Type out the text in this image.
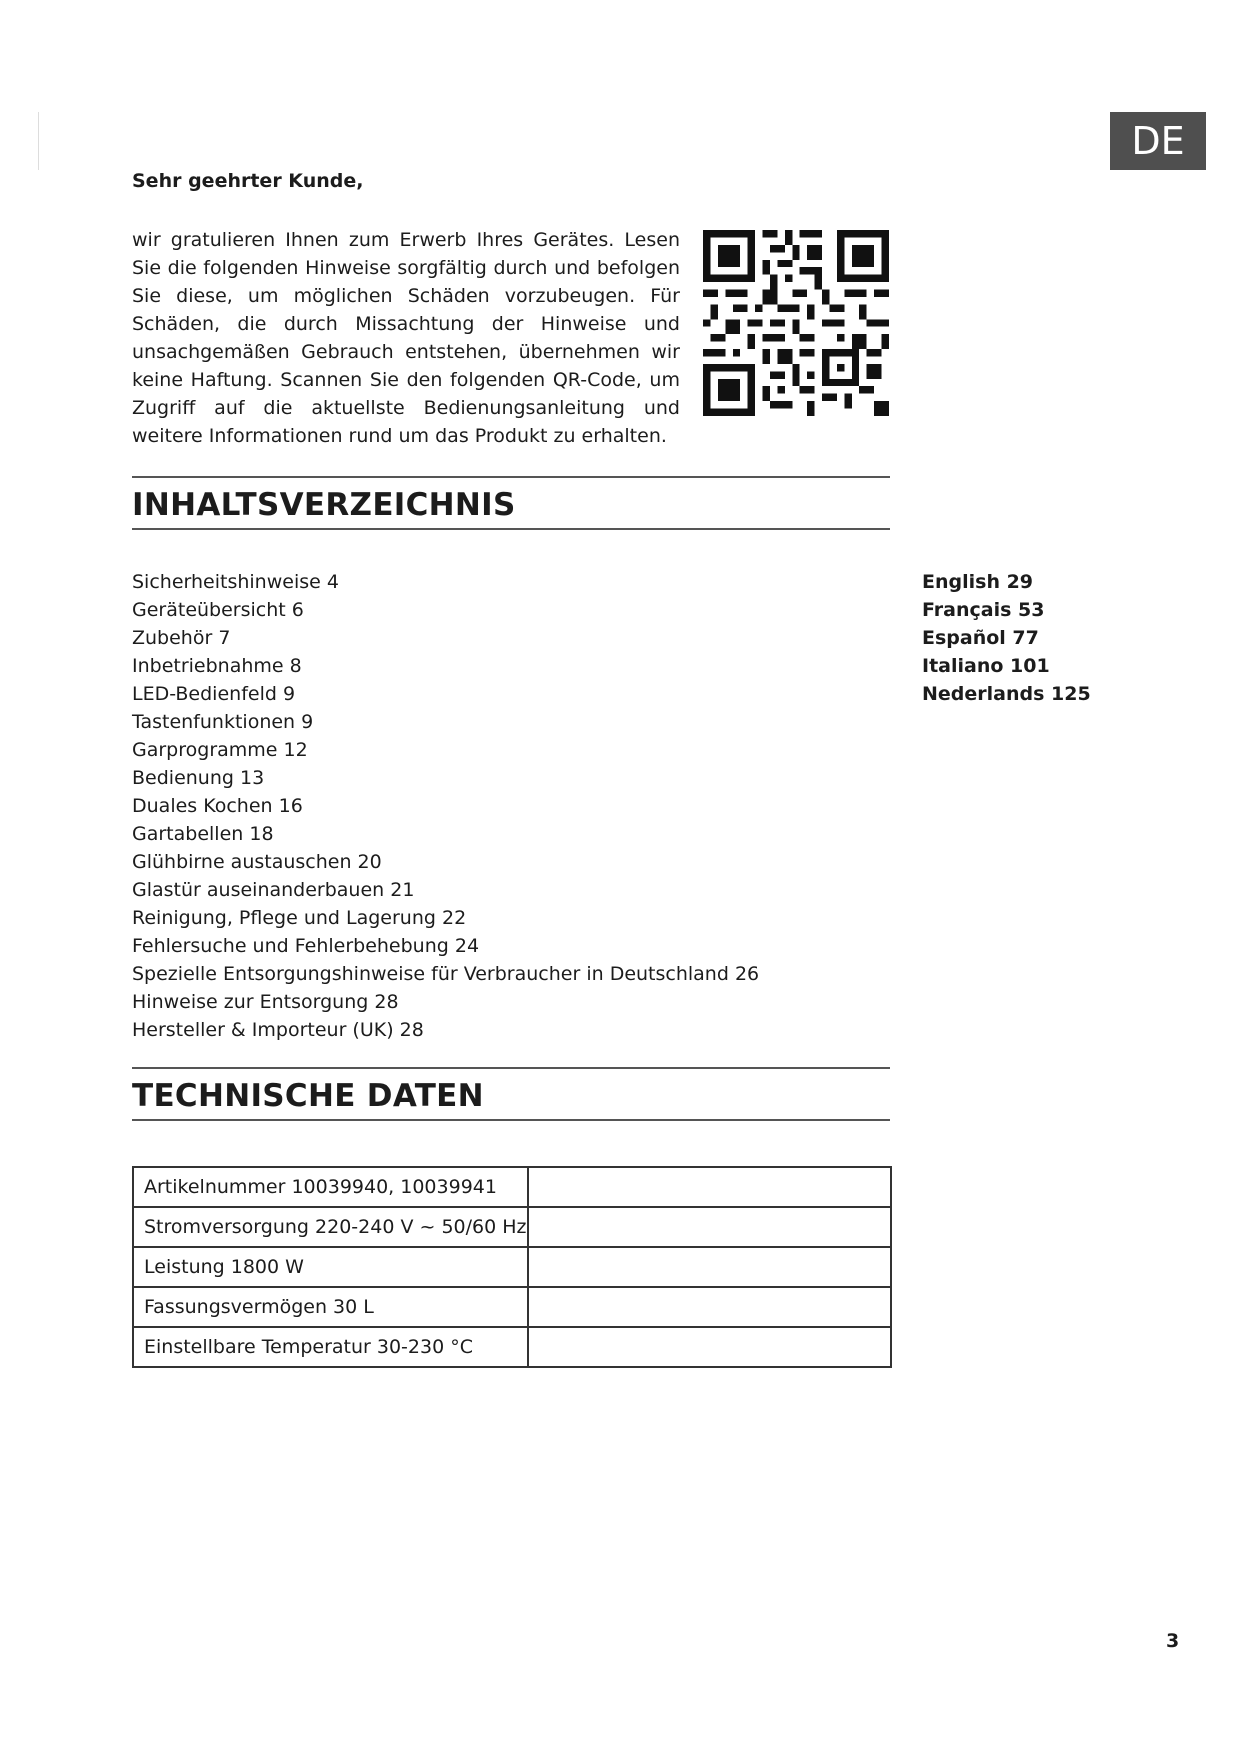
DE
Sehr geehrter Kunde,

wir gratulieren Ihnen zum Erwerb Ihres Gerätes. Lesen Sie die folgenden Hinweise sorgfältig durch und befolgen Sie diese, um möglichen Schäden vorzubeugen. Für Schäden, die durch Missachtung der Hinweise und unsachgemäßen Gebrauch entstehen, übernehmen wir keine Haftung. Scannen Sie den folgenden QR-Code, um Zugriff auf die aktuellste Bedienungsanleitung und weitere Informationen rund um das Produkt zu erhalten.

INHALTSVERZEICHNIS
Sicherheitshinweise 4
Geräteübersicht 6
Zubehör 7
Inbetriebnahme 8
LED-Bedienfeld 9
Tastenfunktionen 9
Garprogramme 12
Bedienung 13
Duales Kochen 16
Gartabellen 18
Glühbirne austauschen 20
Glastür auseinanderbauen 21
Reinigung, Pflege und Lagerung 22
Fehlersuche und Fehlerbehebung 24
Spezielle Entsorgungshinweise für Verbraucher in Deutschland 26
Hinweise zur Entsorgung 28
Hersteller & Importeur (UK) 28
English 29
Français 53
Español 77
Italiano 101
Nederlands 125
TECHNISCHE DATEN
Artikelnummer 10039940, 10039941	
Stromversorgung 220-240 V ~ 50/60 Hz	
Leistung 1800 W	
Fassungsvermögen 30 L	
Einstellbare Temperatur 30-230 °C	
3
